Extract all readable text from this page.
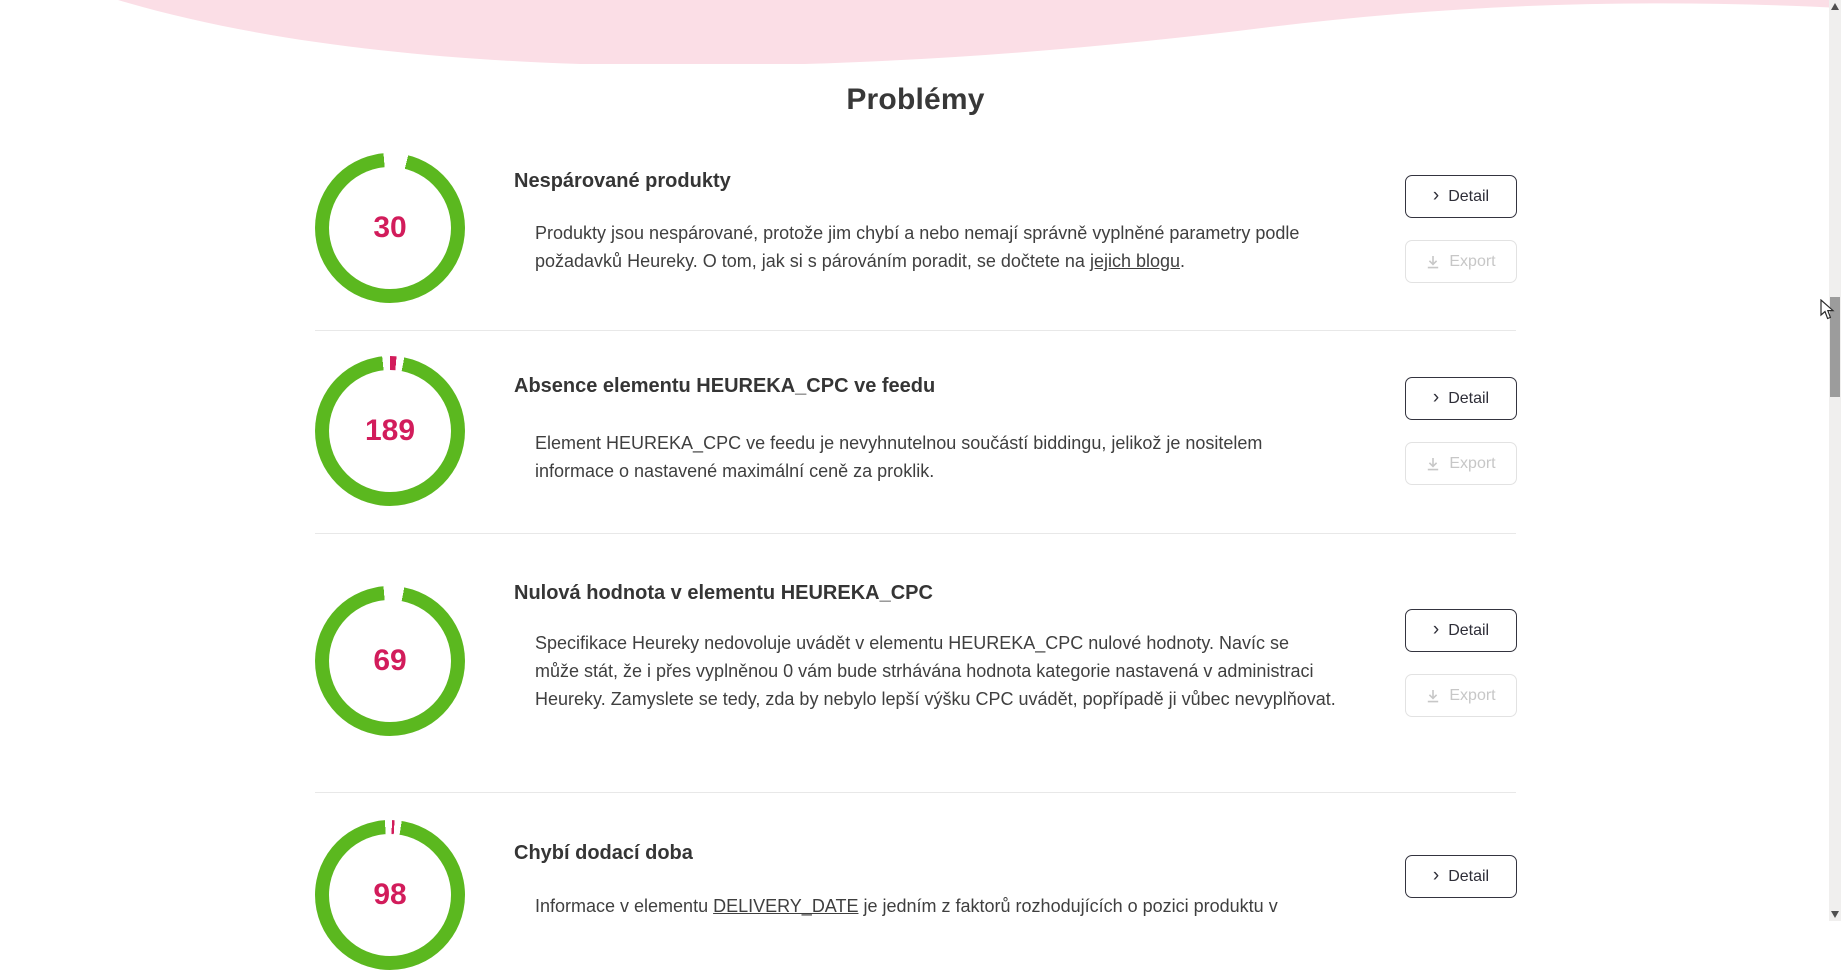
Problémy
30
Nespárované produkty

Produkty jsou nespárované, protože jim chybí a nebo nemají správně vyplněné parametry podle požadavků Heureky. O tom, jak si s párováním poradit, se dočtete na jejich blogu.

› Detail
Export
189
Absence elementu HEUREKA_CPC ve feedu

Element HEUREKA_CPC ve feedu je nevyhnutelnou součástí biddingu, jelikož je nositelem informace o nastavené maximální ceně za proklik.

› Detail
Export
69
Nulová hodnota v elementu HEUREKA_CPC

Specifikace Heureky nedovoluje uvádět v elementu HEUREKA_CPC nulové hodnoty. Navíc se může stát, že i přes vyplněnou 0 vám bude strhávána hodnota kategorie nastavená v administraci Heureky. Zamyslete se tedy, zda by nebylo lepší výšku CPC uvádět, popřípadě ji vůbec nevyplňovat.

› Detail
Export
98
Chybí dodací doba

Informace v elementu DELIVERY_DATE je jedním z faktorů rozhodujících o pozici produktu v

› Detail
